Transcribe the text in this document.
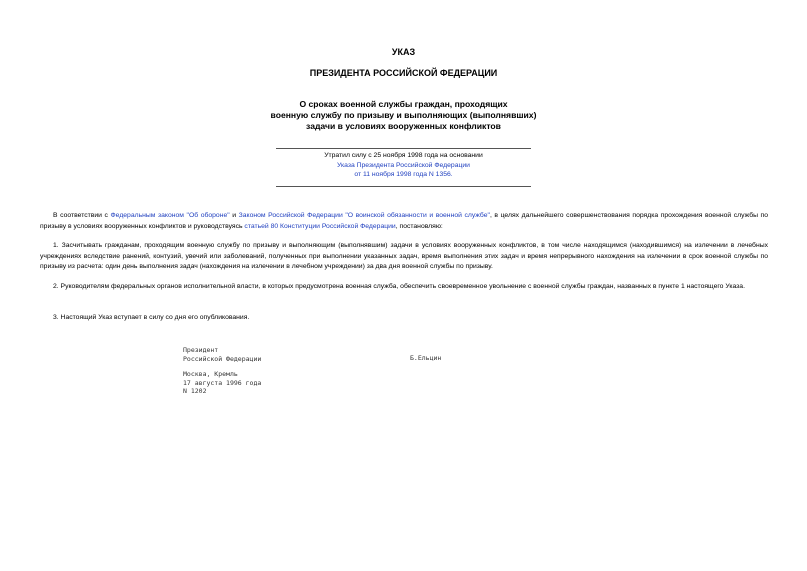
УКАЗ
ПРЕЗИДЕНТА РОССИЙСКОЙ ФЕДЕРАЦИИ
О сроках военной службы граждан, проходящих
военную службу по призыву и выполняющих (выполнявших)
задачи в условиях вооруженных конфликтов
Утратил силу с 25 ноября 1998 года на основании
Указа Президента Российской Федерации
от 11 ноября 1998 года N 1356.
В соответствии с Федеральным законом "Об обороне" и Законом Российской Федерации "О воинской обязанности и военной службе", в целях дальнейшего совершенствования порядка прохождения военной службы по призыву в условиях вооруженных конфликтов и руководствуясь статьей 80 Конституции Российской Федерации, постановляю:
1. Засчитывать гражданам, проходящим военную службу по призыву и выполняющим (выполнявшим) задачи в условиях вооруженных конфликтов, в том числе находящимся (находившимся) на излечении в лечебных учреждениях вследствие ранений, контузий, увечий или заболеваний, полученных при выполнении указанных задач, время выполнения этих задач и время непрерывного нахождения на излечении в срок военной службы по призыву из расчета: один день выполнения задач (нахождения на излечении в лечебном учреждении) за два дня военной службы по призыву.
2. Руководителям федеральных органов исполнительной власти, в которых предусмотрена военная служба, обеспечить своевременное увольнение с военной службы граждан, названных в пункте 1 настоящего Указа.
3. Настоящий Указ вступает в силу со дня его опубликования.
Президент
Российской Федерации	Б.Ельцин
Москва, Кремль
17 августа 1996 года
N 1202
